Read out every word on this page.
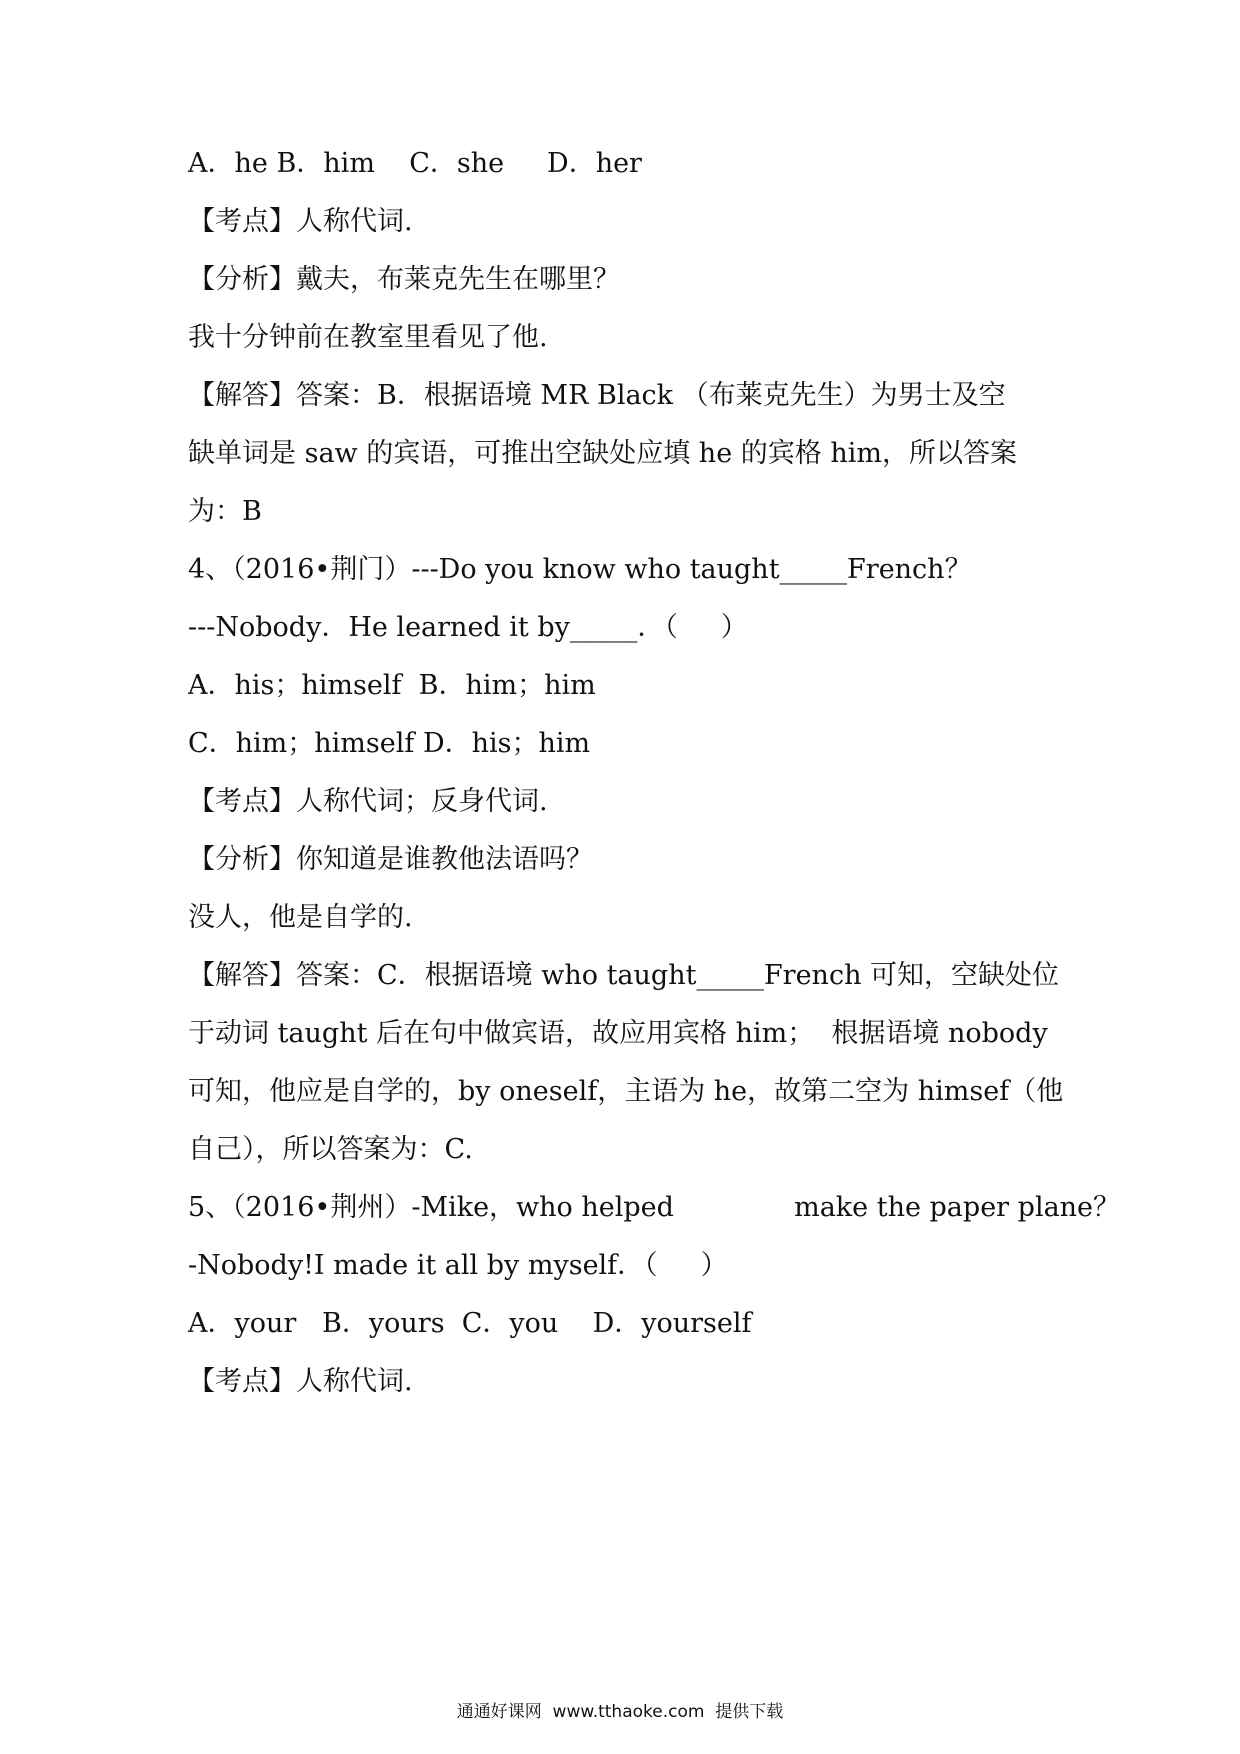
A．he B．him    C．she     D．her
【考点】人称代词.
【分析】戴夫，布莱克先生在哪里？
我十分钟前在教室里看见了他.
【解答】答案：B．根据语境 MR Black （布莱克先生）为男士及空
缺单词是 saw 的宾语，可推出空缺处应填 he 的宾格 him，所以答案
为：B
4、（2016•荆门）---Do you know who taught_____French？
---Nobody．He learned it by_____．（     ）
A．his；himself  B．him；him
C．him；himself D．his；him
【考点】人称代词；反身代词.
【分析】你知道是谁教他法语吗？
没人，他是自学的.
【解答】答案：C．根据语境 who taught_____French 可知，空缺处位
于动词 taught 后在句中做宾语，故应用宾格 him；  根据语境 nobody
可知，他应是自学的，by oneself，主语为 he，故第二空为 himsef（他
自己），所以答案为：C.
5、（2016•荆州）-Mike，who helped              make the paper plane？
-Nobody!I made it all by myself．（     ）
A．your   B．yours  C．you    D．yourself
【考点】人称代词.
通通好课网  www.tthaoke.com  提供下载
